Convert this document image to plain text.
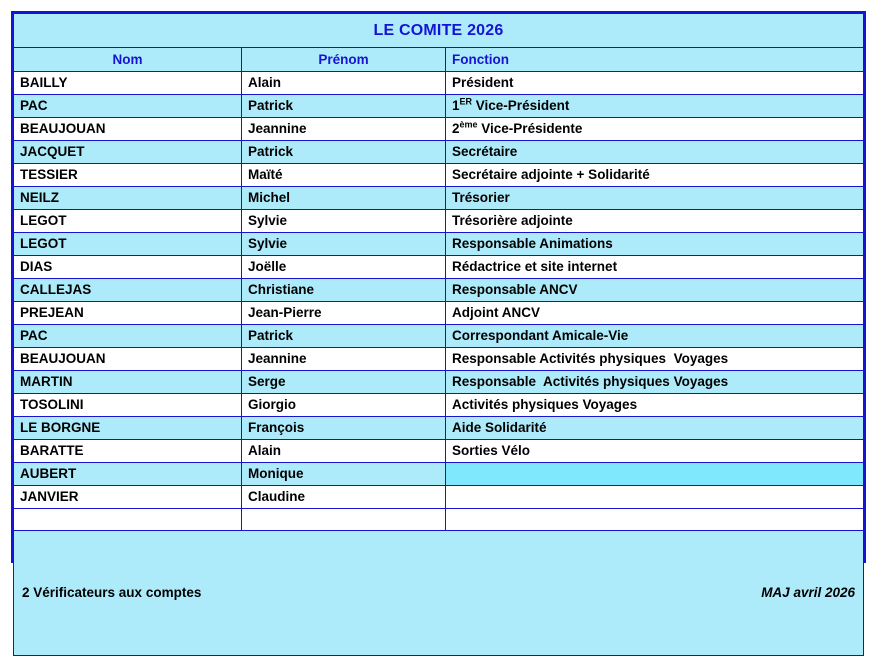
LE COMITE 2026		
Nom	Prénom	Fonction
BAILLY	Alain	Président
PAC	Patrick	1ER Vice-Président
BEAUJOUAN	Jeannine	2ème Vice-Présidente
JACQUET	Patrick	Secrétaire
TESSIER	Maïté	Secrétaire adjointe + Solidarité
NEILZ	Michel	Trésorier
LEGOT	Sylvie	Trésorière adjointe
LEGOT	Sylvie	Responsable Animations
DIAS	Joëlle	Rédactrice et site internet
CALLEJAS	Christiane	Responsable ANCV
PREJEAN	Jean-Pierre	Adjoint ANCV
PAC	Patrick	Correspondant Amicale-Vie
BEAUJOUAN	Jeannine	Responsable Activités physiques  Voyages
MARTIN	Serge	Responsable  Activités physiques Voyages
TOSOLINI	Giorgio	Activités physiques Voyages
LE BORGNE	François	Aide Solidarité
BARATTE	Alain	Sorties Vélo
AUBERT	Monique	
JANVIER	Claudine	

2 Vérificateurs aux comptes MAJ avril 2026		
